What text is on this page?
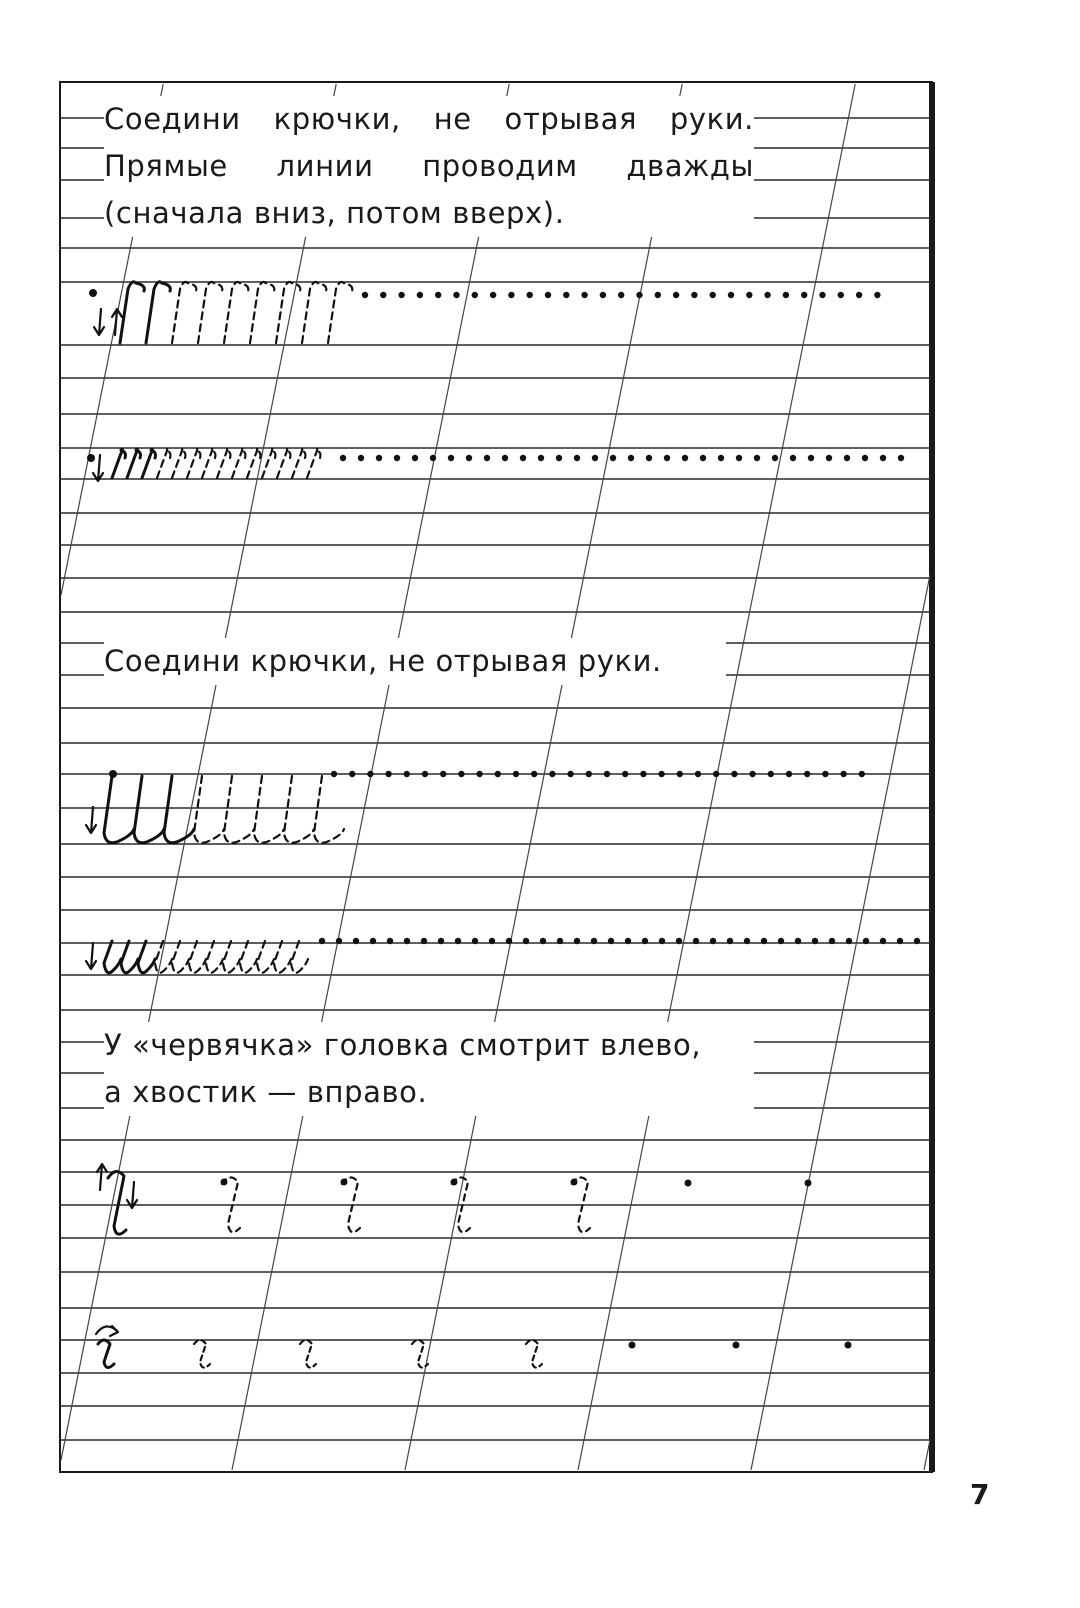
Соедини крючки, не отрывая руки.
Прямые линии проводим дважды
(сначала вниз, потом вверх).
Соедини крючки, не отрывая руки.
У «червячка» головка смотрит влево,
а хвостик — вправо.

7
